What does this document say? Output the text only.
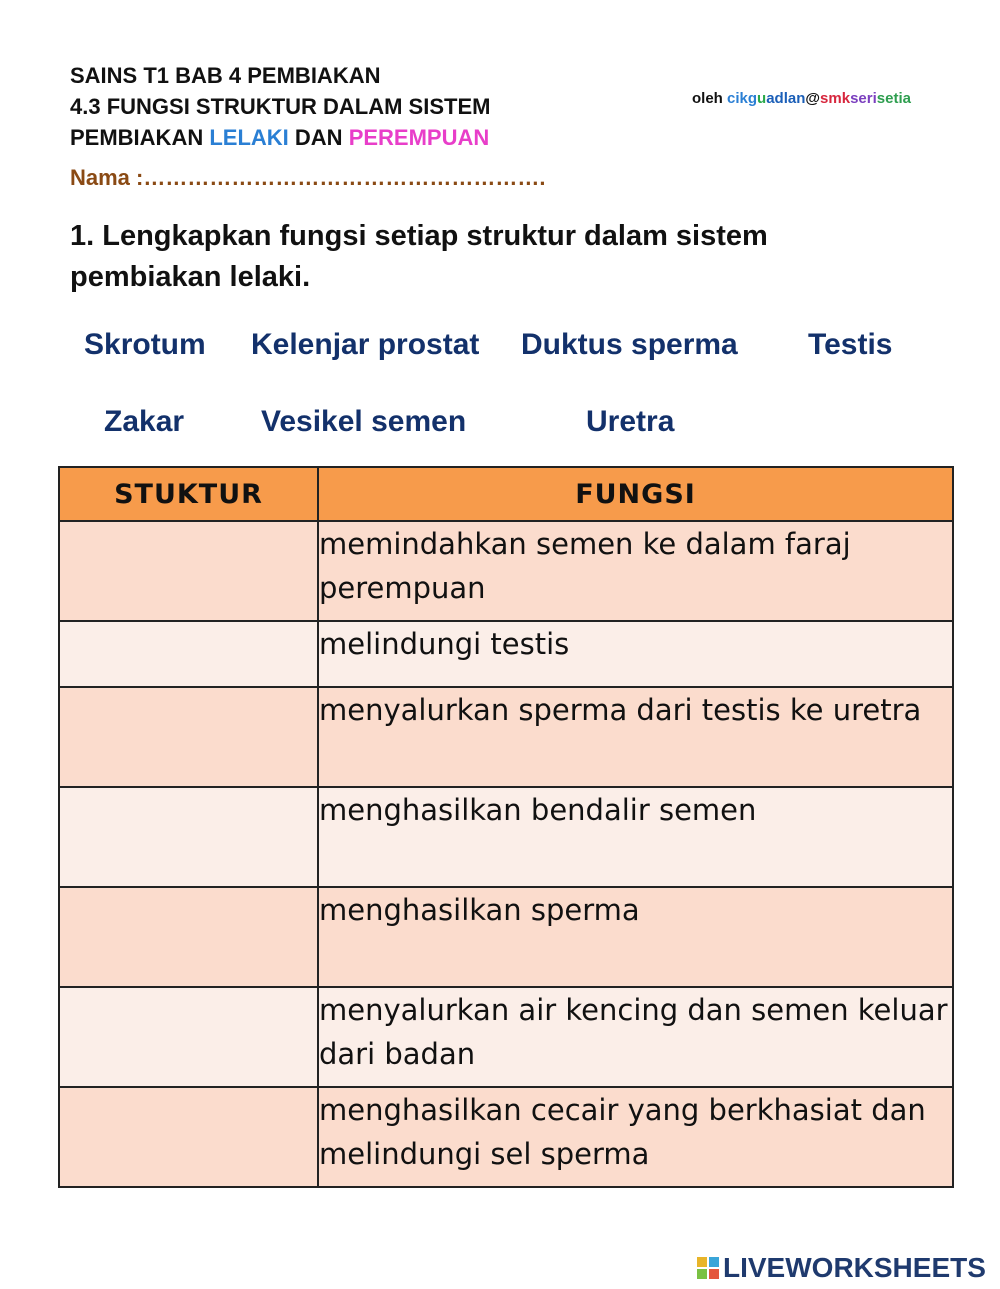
SAINS T1 BAB 4 PEMBIAKAN
4.3 FUNGSI STRUKTUR DALAM SISTEM
PEMBIAKAN LELAKI DAN PEREMPUAN
oleh cikguadlan@smkserisetia
Nama :……………………………………………….
1. Lengkapkan fungsi setiap struktur dalam sistem pembiakan lelaki.
Skrotum Kelenjar prostat Duktus sperma Testis
Zakar	Vesikel semen	Uretra
STUKTUR	FUNGSI
	memindahkan semen ke dalam faraj perempuan
	melindungi testis
	menyalurkan sperma dari testis ke uretra
	menghasilkan bendalir semen
	menghasilkan sperma
	menyalurkan air kencing dan semen keluar dari badan
	menghasilkan cecair yang berkhasiat dan melindungi sel sperma
LIVEWORKSHEETS
